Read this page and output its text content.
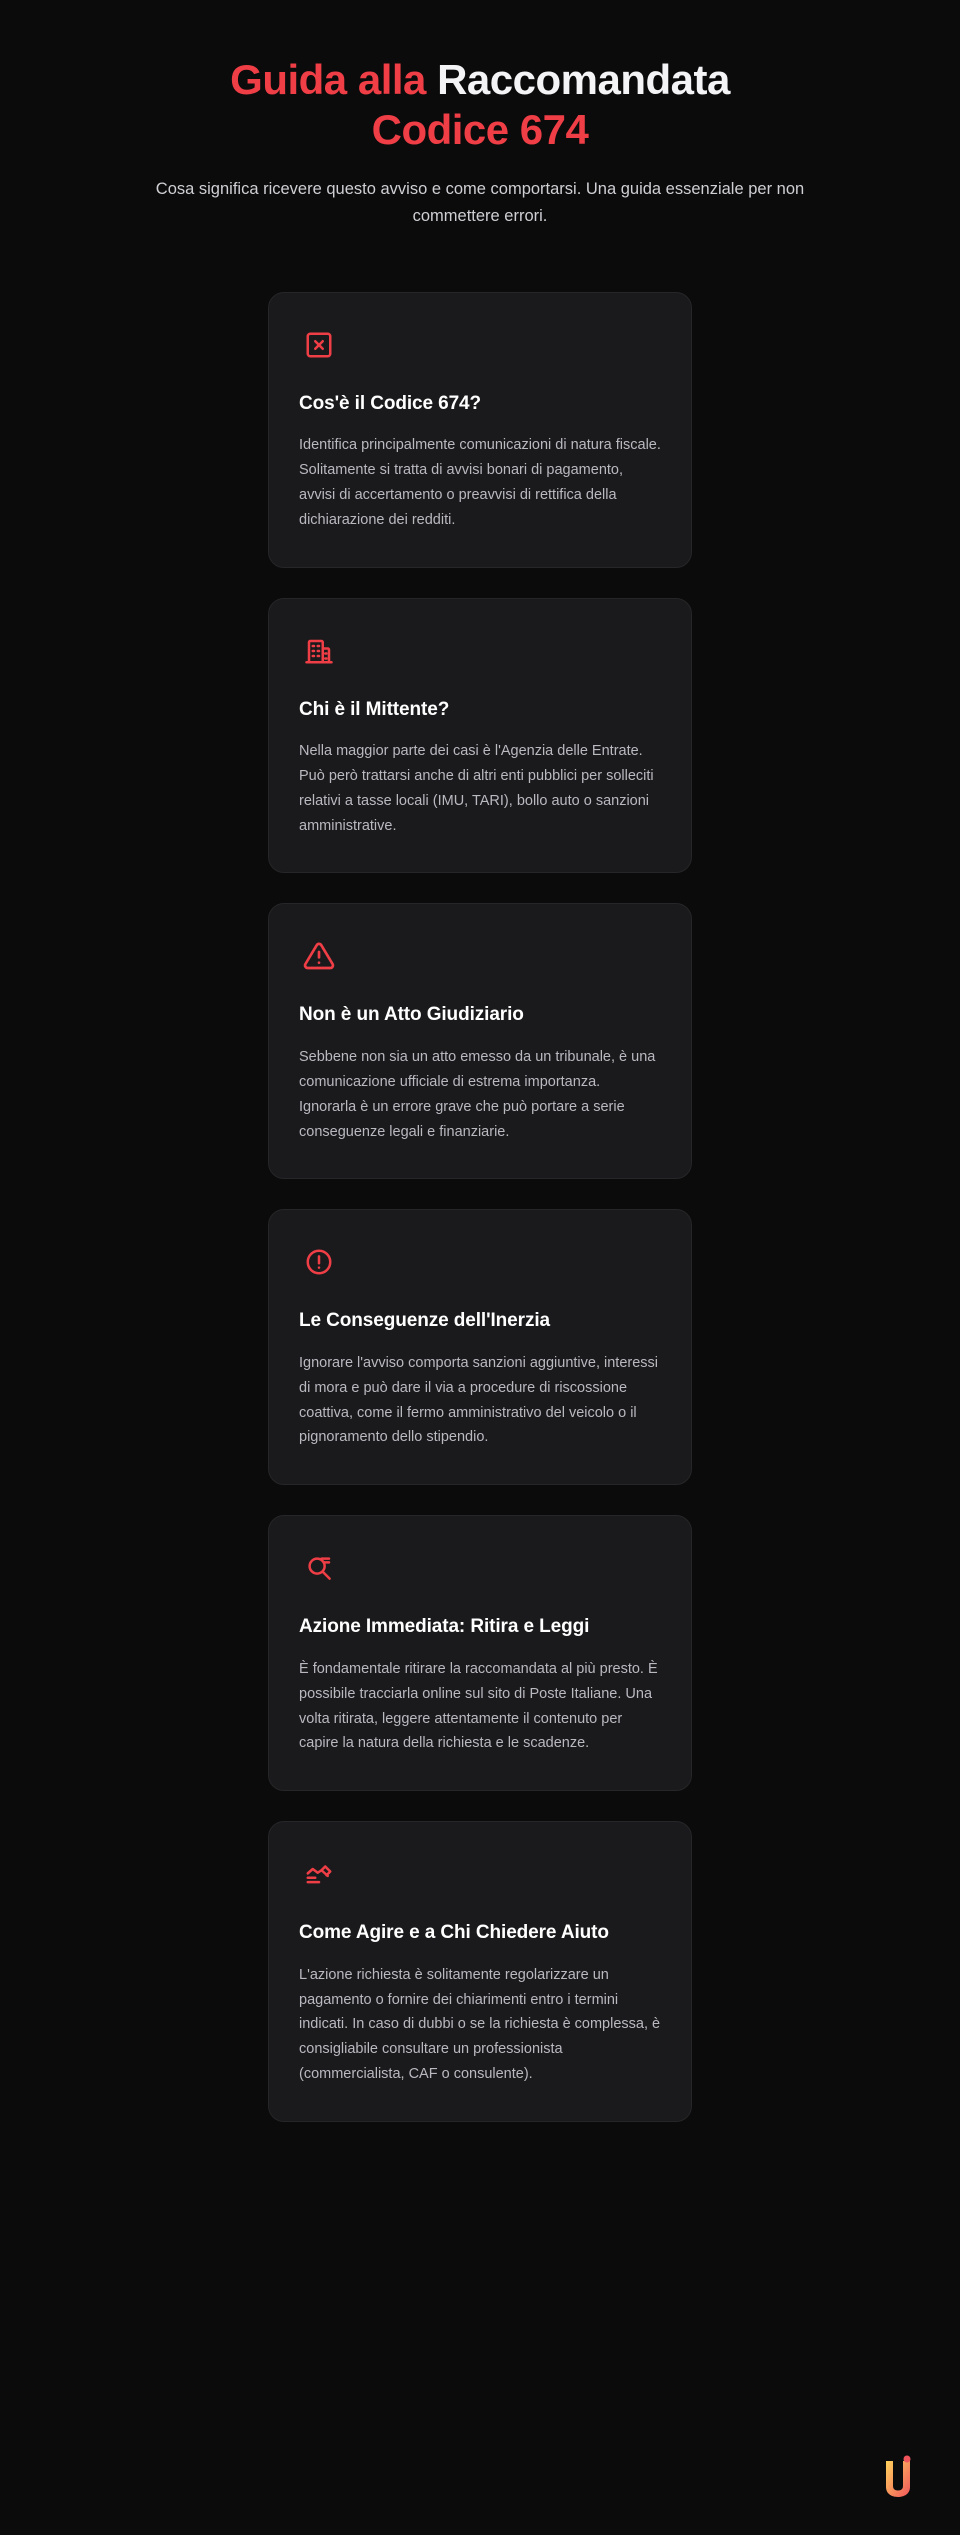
Guida alla Raccomandata
Codice 674

Cosa significa ricevere questo avviso e come comportarsi. Una guida essenziale per non commettere errori.

Cos'è il Codice 674?
Identifica principalmente comunicazioni di natura fiscale. Solitamente si tratta di avvisi bonari di pagamento, avvisi di accertamento o preavvisi di rettifica della dichiarazione dei redditi.
Chi è il Mittente?
Nella maggior parte dei casi è l'Agenzia delle Entrate. Può però trattarsi anche di altri enti pubblici per solleciti relativi a tasse locali (IMU, TARI), bollo auto o sanzioni amministrative.
Non è un Atto Giudiziario
Sebbene non sia un atto emesso da un tribunale, è una comunicazione ufficiale di estrema importanza. Ignorarla è un errore grave che può portare a serie conseguenze legali e finanziarie.
Le Conseguenze dell'Inerzia
Ignorare l'avviso comporta sanzioni aggiuntive, interessi di mora e può dare il via a procedure di riscossione coattiva, come il fermo amministrativo del veicolo o il pignoramento dello stipendio.
Azione Immediata: Ritira e Leggi
È fondamentale ritirare la raccomandata al più presto. È possibile tracciarla online sul sito di Poste Italiane. Una volta ritirata, leggere attentamente il contenuto per capire la natura della richiesta e le scadenze.
Come Agire e a Chi Chiedere Aiuto
L'azione richiesta è solitamente regolarizzare un pagamento o fornire dei chiarimenti entro i termini indicati. In caso di dubbi o se la richiesta è complessa, è consigliabile consultare un professionista (commercialista, CAF o consulente).
